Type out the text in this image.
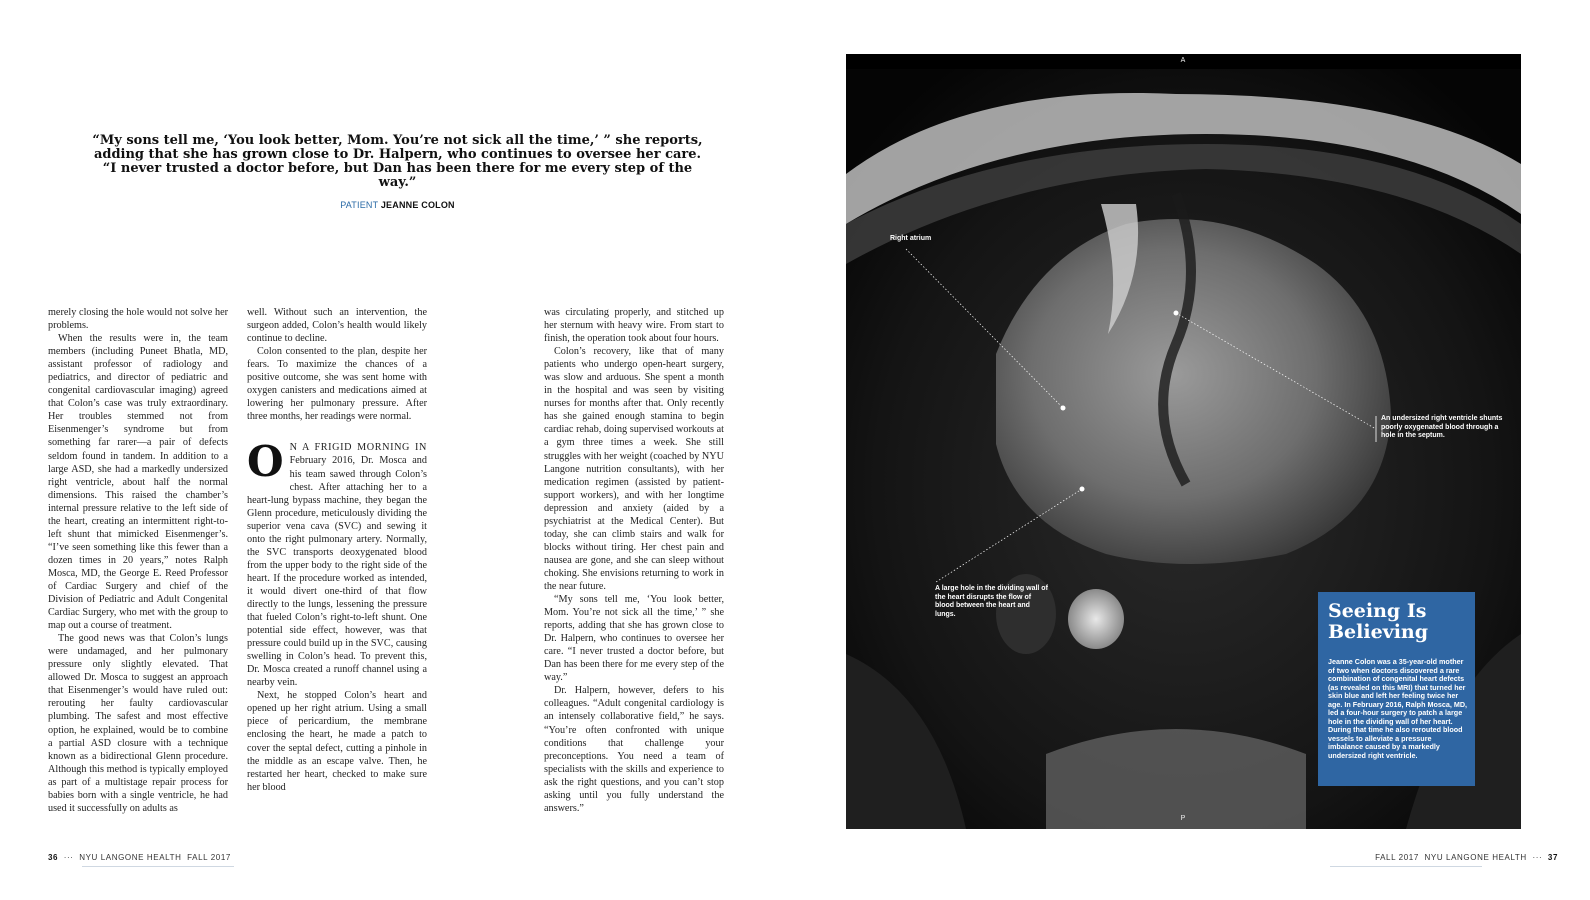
“My sons tell me, ‘You look better, Mom. You’re not sick all the time,’ ” she reports, adding that she has grown close to Dr. Halpern, who continues to oversee her care. “I never trusted a doctor before, but Dan has been there for me every step of the way.”
PATIENT JEANNE COLON

merely closing the hole would not solve her problems.

When the results were in, the team members (including Puneet Bhatla, MD, assistant professor of radiology and pediatrics, and director of pediatric and congenital cardiovascular imaging) agreed that Colon’s case was truly extraordinary. Her troubles stemmed not from Eisenmenger’s syndrome but from something far rarer—a pair of defects seldom found in tandem. In addition to a large ASD, she had a markedly undersized right ventricle, about half the normal dimensions. This raised the chamber’s internal pressure relative to the left side of the heart, creating an intermittent right-to-left shunt that mimicked Eisenmenger’s. “I’ve seen something like this fewer than a dozen times in 20 years,” notes Ralph Mosca, MD, the George E. Reed Professor of Cardiac Surgery and chief of the Division of Pediatric and Adult Congenital Cardiac Surgery, who met with the group to map out a course of treatment.

The good news was that Colon’s lungs were undamaged, and her pulmonary pressure only slightly elevated. That allowed Dr. Mosca to suggest an approach that Eisenmenger’s would have ruled out: rerouting her faulty cardiovascular plumbing. The safest and most effective option, he explained, would be to combine a partial ASD closure with a technique known as a bidirectional Glenn procedure. Although this method is typically employed as part of a multistage repair process for babies born with a single ventricle, he had used it successfully on adults as

well. Without such an intervention, the surgeon added, Colon’s health would likely continue to decline.

Colon consented to the plan, despite her fears. To maximize the chances of a positive outcome, she was sent home with oxygen canisters and medications aimed at lowering her pulmonary pressure. After three months, her readings were normal.

O N A FRIGID MORNING IN February 2016, Dr. Mosca and his team sawed through Colon’s chest. After attaching her to a heart-lung bypass machine, they began the Glenn procedure, meticulously dividing the superior vena cava (SVC) and sewing it onto the right pulmonary artery. Normally, the SVC transports deoxygenated blood from the upper body to the right side of the heart. If the procedure worked as intended, it would divert one-third of that flow directly to the lungs, lessening the pressure that fueled Colon’s right-to-left shunt. One potential side effect, however, was that pressure could build up in the SVC, causing swelling in Colon’s head. To prevent this, Dr. Mosca created a runoff channel using a nearby vein.

Next, he stopped Colon’s heart and opened up her right atrium. Using a small piece of pericardium, the membrane enclosing the heart, he made a patch to cover the septal defect, cutting a pinhole in the middle as an escape valve. Then, he restarted her heart, checked to make sure her blood

was circulating properly, and stitched up her sternum with heavy wire. From start to finish, the operation took about four hours.

Colon’s recovery, like that of many patients who undergo open-heart surgery, was slow and arduous. She spent a month in the hospital and was seen by visiting nurses for months after that. Only recently has she gained enough stamina to begin cardiac rehab, doing supervised workouts at a gym three times a week. She still struggles with her weight (coached by NYU Langone nutrition consultants), with her medication regimen (assisted by patient-support workers), and with her longtime depression and anxiety (aided by a psychiatrist at the Medical Center). But today, she can climb stairs and walk for blocks without tiring. Her chest pain and nausea are gone, and she can sleep without choking. She envisions returning to work in the near future.

“My sons tell me, ‘You look better, Mom. You’re not sick all the time,’ ” she reports, adding that she has grown close to Dr. Halpern, who continues to oversee her care. “I never trusted a doctor before, but Dan has been there for me every step of the way.”

Dr. Halpern, however, defers to his colleagues. “Adult congenital cardiology is an intensely collaborative field,” he says. “You’re often confronted with unique conditions that challenge your preconceptions. You need a team of specialists with the skills and experience to ask the right questions, and you can’t stop asking until you fully understand the answers.”

36 ··· NYU LANGONE HEALTH FALL 2017	FALL 2017 NYU LANGONE HEALTH ··· 37
A
P
Right atrium
An undersized right ventricle shunts poorly oxygenated blood through a hole in the septum.
A large hole in the dividing wall of the heart disrupts the flow of blood between the heart and lungs.	Seeing Is Believing

Jeanne Colon was a 35-year-old mother of two when doctors discovered a rare combination of congenital heart defects (as revealed on this MRI) that turned her skin blue and left her feeling twice her age. In February 2016, Ralph Mosca, MD, led a four-hour surgery to patch a large hole in the dividing wall of her heart. During that time he also rerouted blood vessels to alleviate a pressure imbalance caused by a markedly undersized right ventricle.
